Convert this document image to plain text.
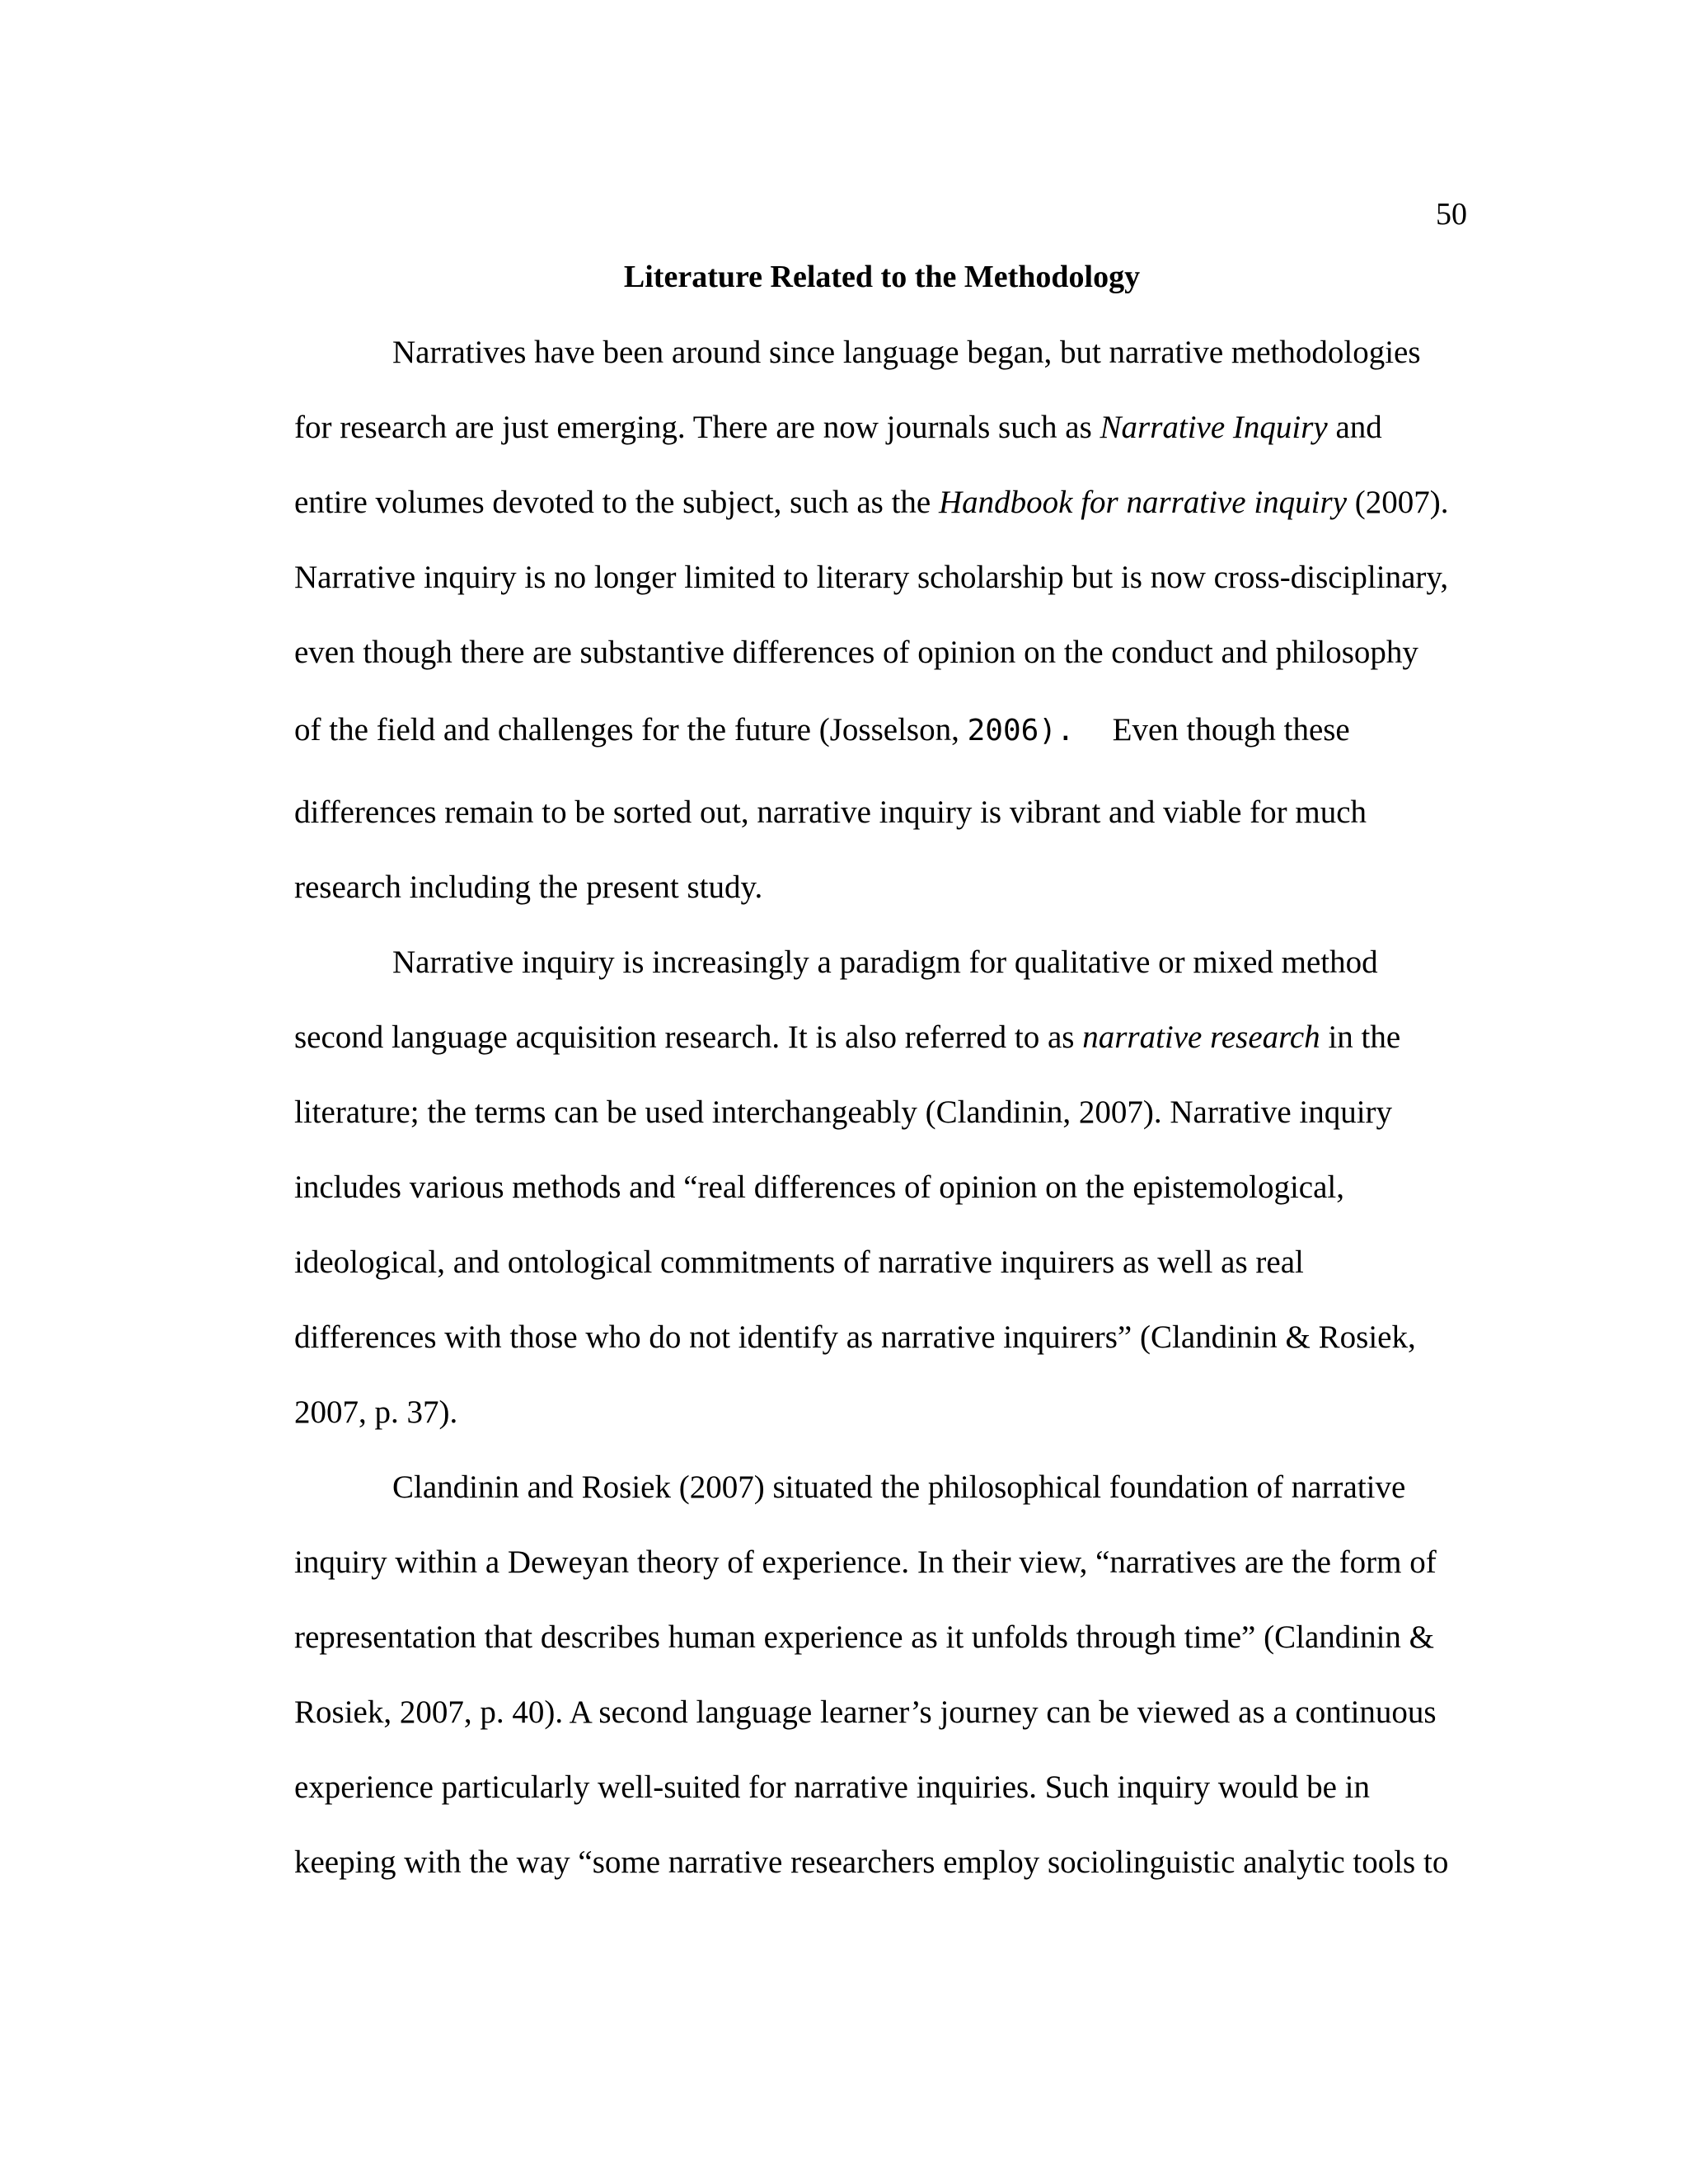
50
Literature Related to the Methodology
Narratives have been around since language began, but narrative methodologies
for research are just emerging. There are now journals such as Narrative Inquiry and
entire volumes devoted to the subject, such as the Handbook for narrative inquiry (2007).
Narrative inquiry is no longer limited to literary scholarship but is now cross-disciplinary,
even though there are substantive differences of opinion on the conduct and philosophy
of the field and challenges for the future (Josselson, 2006). Even though these
differences remain to be sorted out, narrative inquiry is vibrant and viable for much
research including the present study.
Narrative inquiry is increasingly a paradigm for qualitative or mixed method
second language acquisition research. It is also referred to as narrative research in the
literature; the terms can be used interchangeably (Clandinin, 2007). Narrative inquiry
includes various methods and “real differences of opinion on the epistemological,
ideological, and ontological commitments of narrative inquirers as well as real
differences with those who do not identify as narrative inquirers” (Clandinin & Rosiek,
2007, p. 37).
Clandinin and Rosiek (2007) situated the philosophical foundation of narrative
inquiry within a Deweyan theory of experience. In their view, “narratives are the form of
representation that describes human experience as it unfolds through time” (Clandinin &
Rosiek, 2007, p. 40). A second language learner’s journey can be viewed as a continuous
experience particularly well-suited for narrative inquiries. Such inquiry would be in
keeping with the way “some narrative researchers employ sociolinguistic analytic tools to
